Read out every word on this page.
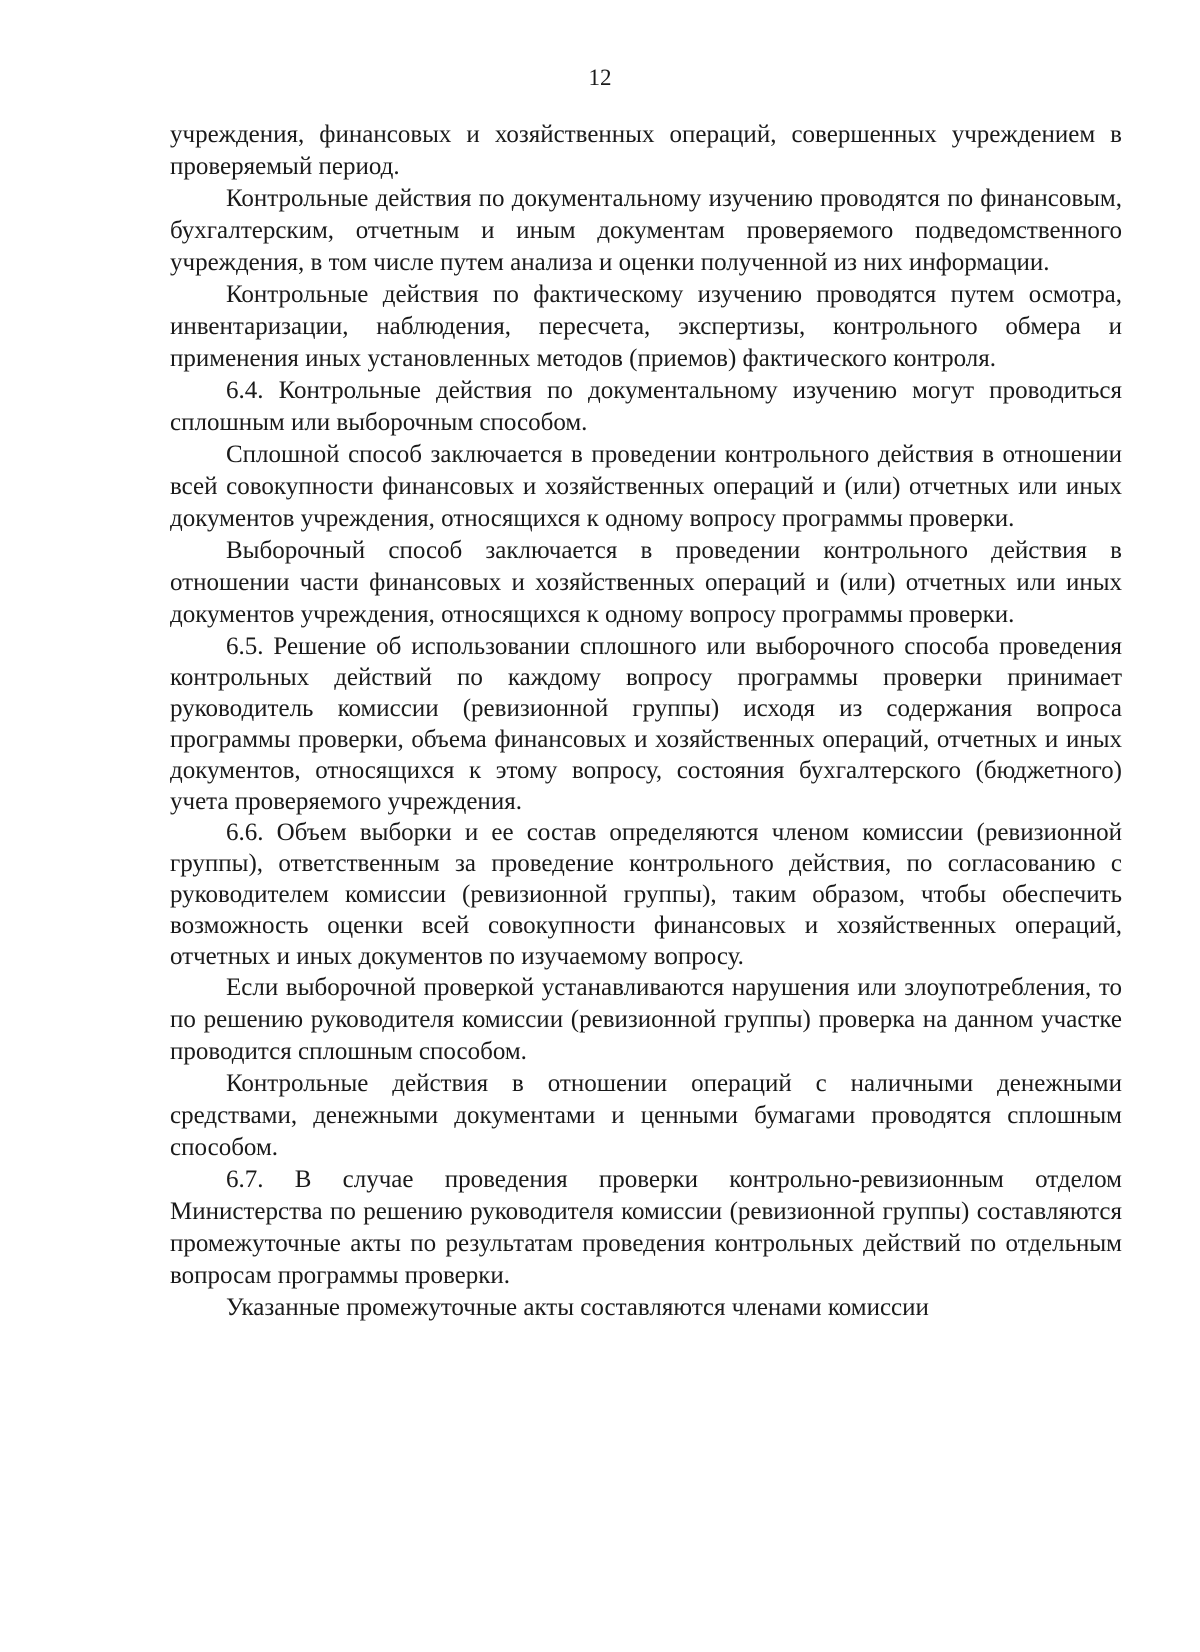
12

учреждения, финансовых и хозяйственных операций, совершенных учреждением в проверяемый период.

Контрольные действия по документальному изучению проводятся по финансовым, бухгалтерским, отчетным и иным документам проверяемого подведомственного учреждения, в том числе путем анализа и оценки полученной из них информации.

Контрольные действия по фактическому изучению проводятся путем осмотра, инвентаризации, наблюдения, пересчета, экспертизы, контрольного обмера и применения иных установленных методов (приемов) фактического контроля.

6.4. Контрольные действия по документальному изучению могут проводиться сплошным или выборочным способом.

Сплошной способ заключается в проведении контрольного действия в отношении всей совокупности финансовых и хозяйственных операций и (или) отчетных или иных документов учреждения, относящихся к одному вопросу программы проверки.

Выборочный способ заключается в проведении контрольного действия в отношении части финансовых и хозяйственных операций и (или) отчетных или иных документов учреждения, относящихся к одному вопросу программы проверки.

6.5. Решение об использовании сплошного или выборочного способа проведения контрольных действий по каждому вопросу программы проверки принимает руководитель комиссии (ревизионной группы) исходя из содержания вопроса программы проверки, объема финансовых и хозяйственных операций, отчетных и иных документов, относящихся к этому вопросу, состояния бухгалтерского (бюджетного) учета проверяемого учреждения.

6.6. Объем выборки и ее состав определяются членом комиссии (ревизионной группы), ответственным за проведение контрольного действия, по согласованию с руководителем комиссии (ревизионной группы), таким образом, чтобы обеспечить возможность оценки всей совокупности финансовых и хозяйственных операций, отчетных и иных документов по изучаемому вопросу.

Если выборочной проверкой устанавливаются нарушения или злоупотребления, то по решению руководителя комиссии (ревизионной группы) проверка на данном участке проводится сплошным способом.

Контрольные действия в отношении операций с наличными денежными средствами, денежными документами и ценными бумагами проводятся сплошным способом.

6.7. В случае проведения проверки контрольно-ревизионным отделом Министерства по решению руководителя комиссии (ревизионной группы) составляются промежуточные акты по результатам проведения контрольных действий по отдельным вопросам программы проверки.

Указанные промежуточные акты составляются членами комиссии
